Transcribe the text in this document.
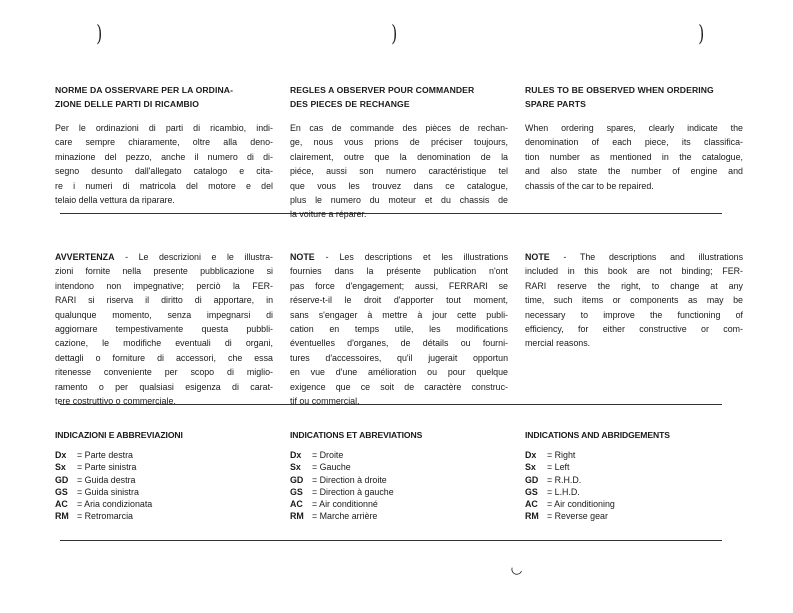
)	)	)
◡
NORME DA OSSERVARE PER LA ORDINA-
ZIONE DELLE PARTI DI RICAMBIO
Per le ordinazioni di parti di ricambio, indi-
care sempre chiaramente, oltre alla deno-
minazione del pezzo, anche il numero di di-
segno desunto dall'allegato catalogo e cita-
re i numeri di matricola del motore e del
telaio della vettura da riparare.
AVVERTENZA - Le descrizioni e le illustra-
zioni fornite nella presente pubblicazione si
intendono non impegnative; perciò la FER-
RARI si riserva il diritto di apportare, in
qualunque momento, senza impegnarsi di
aggiornare tempestivamente questa pubbli-
cazione, le modifiche eventuali di organi,
dettagli o forniture di accessori, che essa
ritenesse conveniente per scopo di miglio-
ramento o per qualsiasi esigenza di carat-
tere costruttivo o commerciale.
INDICAZIONI E ABBREVIAZIONI
Dx = Parte destra
Sx = Parte sinistra
GD = Guida destra
GS = Guida sinistra
AC = Aria condizionata
RM = Retromarcia
REGLES A OBSERVER POUR COMMANDER
DES PIECES DE RECHANGE
En cas de commande des pièces de rechan-
ge, nous vous prions de préciser toujours,
clairement, outre que la denomination de la
piéce, aussi son numero caractéristique tel
que vous les trouvez dans ce catalogue,
plus le numero du moteur et du chassis de
la voiture a réparer.
NOTE - Les descriptions et les illustrations
fournies dans la présente publication n'ont
pas force d'engagement; aussi, FERRARI se
réserve-t-il le droit d'apporter tout moment,
sans s'engager à mettre à jour cette publi-
cation en temps utile, les modifications
éventuelles d'organes, de détails ou fourni-
tures d'accessoires, qu'il jugerait opportun
en vue d'une amélioration ou pour quelque
exigence que ce soit de caractère construc-
tif ou commercial.
INDICATIONS ET ABREVIATIONS
Dx = Droite
Sx = Gauche
GD = Direction à droite
GS = Direction à gauche
AC = Air conditionné
RM = Marche arrière
RULES TO BE OBSERVED WHEN ORDERING
SPARE PARTS
When ordering spares, clearly indicate the
denomination of each piece, its classifica-
tion number as mentioned in the catalogue,
and also state the number of engine and
chassis of the car to be repaired.
NOTE - The descriptions and illustrations
included in this book are not binding; FER-
RARI reserve the right, to change at any
time, such items or components as may be
necessary to improve the functioning of
efficiency, for either constructive or com-
mercial reasons.
INDICATIONS AND ABRIDGEMENTS
Dx = Right
Sx = Left
GD = R.H.D.
GS = L.H.D.
AC = Air conditioning
RM = Reverse gear
